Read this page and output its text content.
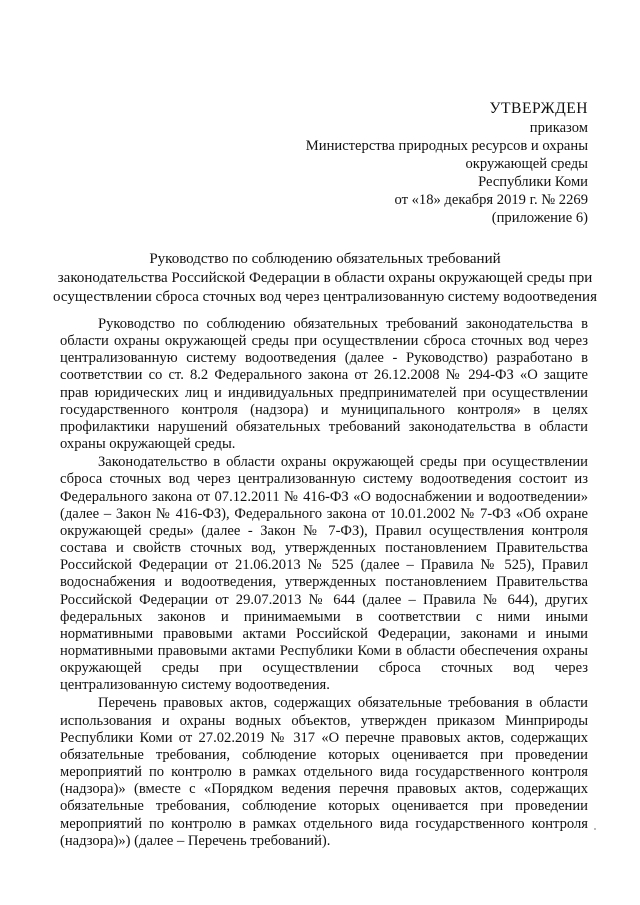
УТВЕРЖДЕН
приказом
Министерства природных ресурсов и охраны
окружающей среды
Республики Коми
от «18» декабря 2019 г. № 2269
(приложение 6)
Руководство по соблюдению обязательных требований
законодательства Российской Федерации в области охраны окружающей среды при
осуществлении сброса сточных вод через централизованную систему водоотведения

Руководство по соблюдению обязательных требований законодательства в области охраны окружающей среды при осуществлении сброса сточных вод через централизованную систему водоотведения (далее - Руководство) разработано в соответствии со ст. 8.2 Федерального закона от 26.12.2008 № 294-ФЗ «О защите прав юридических лиц и индивидуальных предпринимателей при осуществлении государственного контроля (надзора) и муниципального контроля» в целях профилактики нарушений обязательных требований законодательства в области охраны окружающей среды.

Законодательство в области охраны окружающей среды при осуществлении сброса сточных вод через централизованную систему водоотведения состоит из Федерального закона от 07.12.2011 № 416-ФЗ «О водоснабжении и водоотведении» (далее – Закон № 416-ФЗ), Федерального закона от 10.01.2002 № 7-ФЗ «Об охране окружающей среды» (далее - Закон № 7-ФЗ), Правил осуществления контроля состава и свойств сточных вод, утвержденных постановлением Правительства Российской Федерации от 21.06.2013 № 525 (далее – Правила № 525), Правил водоснабжения и водоотведения, утвержденных постановлением Правительства Российской Федерации от 29.07.2013 № 644 (далее – Правила № 644), других федеральных законов и принимаемыми в соответствии с ними иными нормативными правовыми актами Российской Федерации, законами и иными нормативными правовыми актами Республики Коми в области обеспечения охраны окружающей среды при осуществлении сброса сточных вод через централизованную систему водоотведения.

Перечень правовых актов, содержащих обязательные требования в области использования и охраны водных объектов, утвержден приказом Минприроды Республики Коми от 27.02.2019 № 317 «О перечне правовых актов, содержащих обязательные требования, соблюдение которых оценивается при проведении мероприятий по контролю в рамках отдельного вида государственного контроля (надзора)» (вместе с «Порядком ведения перечня правовых актов, содержащих обязательные требования, соблюдение которых оценивается при проведении мероприятий по контролю в рамках отдельного вида государственного контроля (надзора)») (далее – Перечень требований).
